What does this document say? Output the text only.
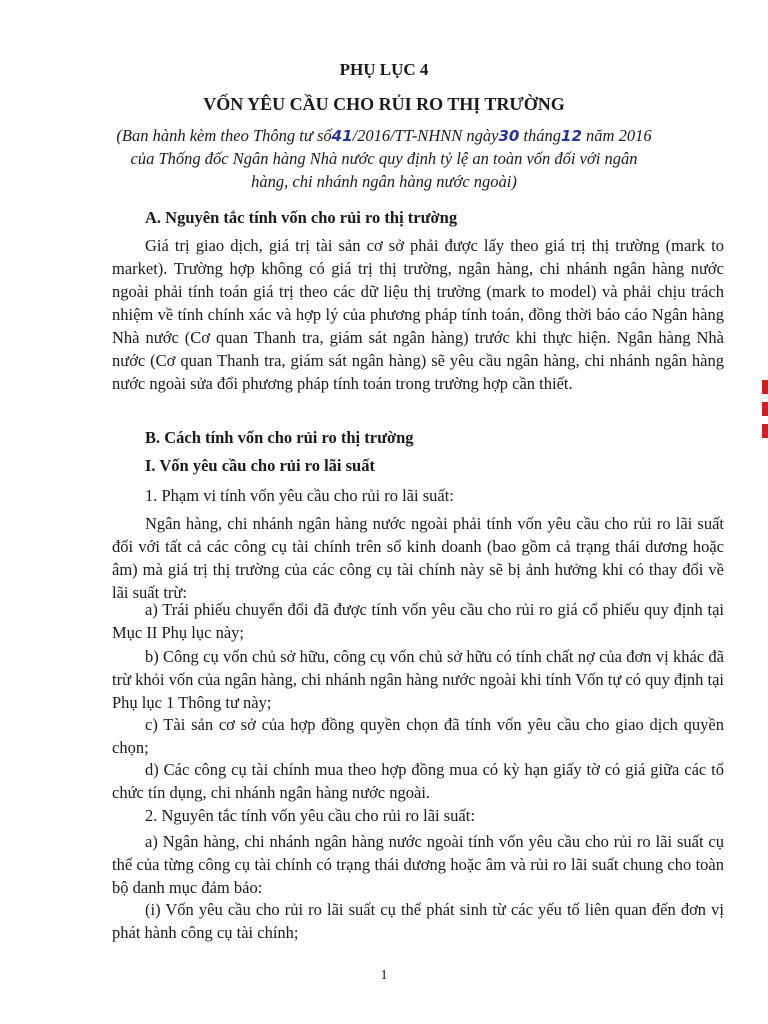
PHỤ LỤC 4
VỐN YÊU CẦU CHO RỦI RO THỊ TRƯỜNG
(Ban hành kèm theo Thông tư số41/2016/TT-NHNN ngày30 tháng12 năm 2016
của Thống đốc Ngân hàng Nhà nước quy định tỷ lệ an toàn vốn đối với ngân
hàng, chi nhánh ngân hàng nước ngoài)
A. Nguyên tắc tính vốn cho rủi ro thị trường
Giá trị giao dịch, giá trị tài sản cơ sở phải được lấy theo giá trị thị trường (mark to market). Trường hợp không có giá trị thị trường, ngân hàng, chi nhánh ngân hàng nước ngoài phải tính toán giá trị theo các dữ liệu thị trường (mark to model) và phải chịu trách nhiệm về tính chính xác và hợp lý của phương pháp tính toán, đồng thời báo cáo Ngân hàng Nhà nước (Cơ quan Thanh tra, giám sát ngân hàng) trước khi thực hiện. Ngân hàng Nhà nước (Cơ quan Thanh tra, giám sát ngân hàng) sẽ yêu cầu ngân hàng, chi nhánh ngân hàng nước ngoài sửa đổi phương pháp tính toán trong trường hợp cần thiết.
B. Cách tính vốn cho rủi ro thị trường
I. Vốn yêu cầu cho rủi ro lãi suất
1. Phạm vi tính vốn yêu cầu cho rủi ro lãi suất:
Ngân hàng, chi nhánh ngân hàng nước ngoài phải tính vốn yêu cầu cho rủi ro lãi suất đối với tất cả các công cụ tài chính trên sổ kinh doanh (bao gồm cả trạng thái dương hoặc âm) mà giá trị thị trường của các công cụ tài chính này sẽ bị ảnh hưởng khi có thay đổi về lãi suất trừ:
a) Trái phiếu chuyển đổi đã được tính vốn yêu cầu cho rủi ro giá cổ phiếu quy định tại Mục II Phụ lục này;
b) Công cụ vốn chủ sở hữu, công cụ vốn chủ sở hữu có tính chất nợ của đơn vị khác đã trừ khỏi vốn của ngân hàng, chi nhánh ngân hàng nước ngoài khi tính Vốn tự có quy định tại Phụ lục 1 Thông tư này;
c) Tài sản cơ sở của hợp đồng quyền chọn đã tính vốn yêu cầu cho giao dịch quyền chọn;
d) Các công cụ tài chính mua theo hợp đồng mua có kỳ hạn giấy tờ có giá giữa các tổ chức tín dụng, chi nhánh ngân hàng nước ngoài.
2. Nguyên tắc tính vốn yêu cầu cho rủi ro lãi suất:
a) Ngân hàng, chi nhánh ngân hàng nước ngoài tính vốn yêu cầu cho rủi ro lãi suất cụ thể của từng công cụ tài chính có trạng thái dương hoặc âm và rủi ro lãi suất chung cho toàn bộ danh mục đảm bảo:
(i) Vốn yêu cầu cho rủi ro lãi suất cụ thể phát sinh từ các yếu tố liên quan đến đơn vị phát hành công cụ tài chính;
1
